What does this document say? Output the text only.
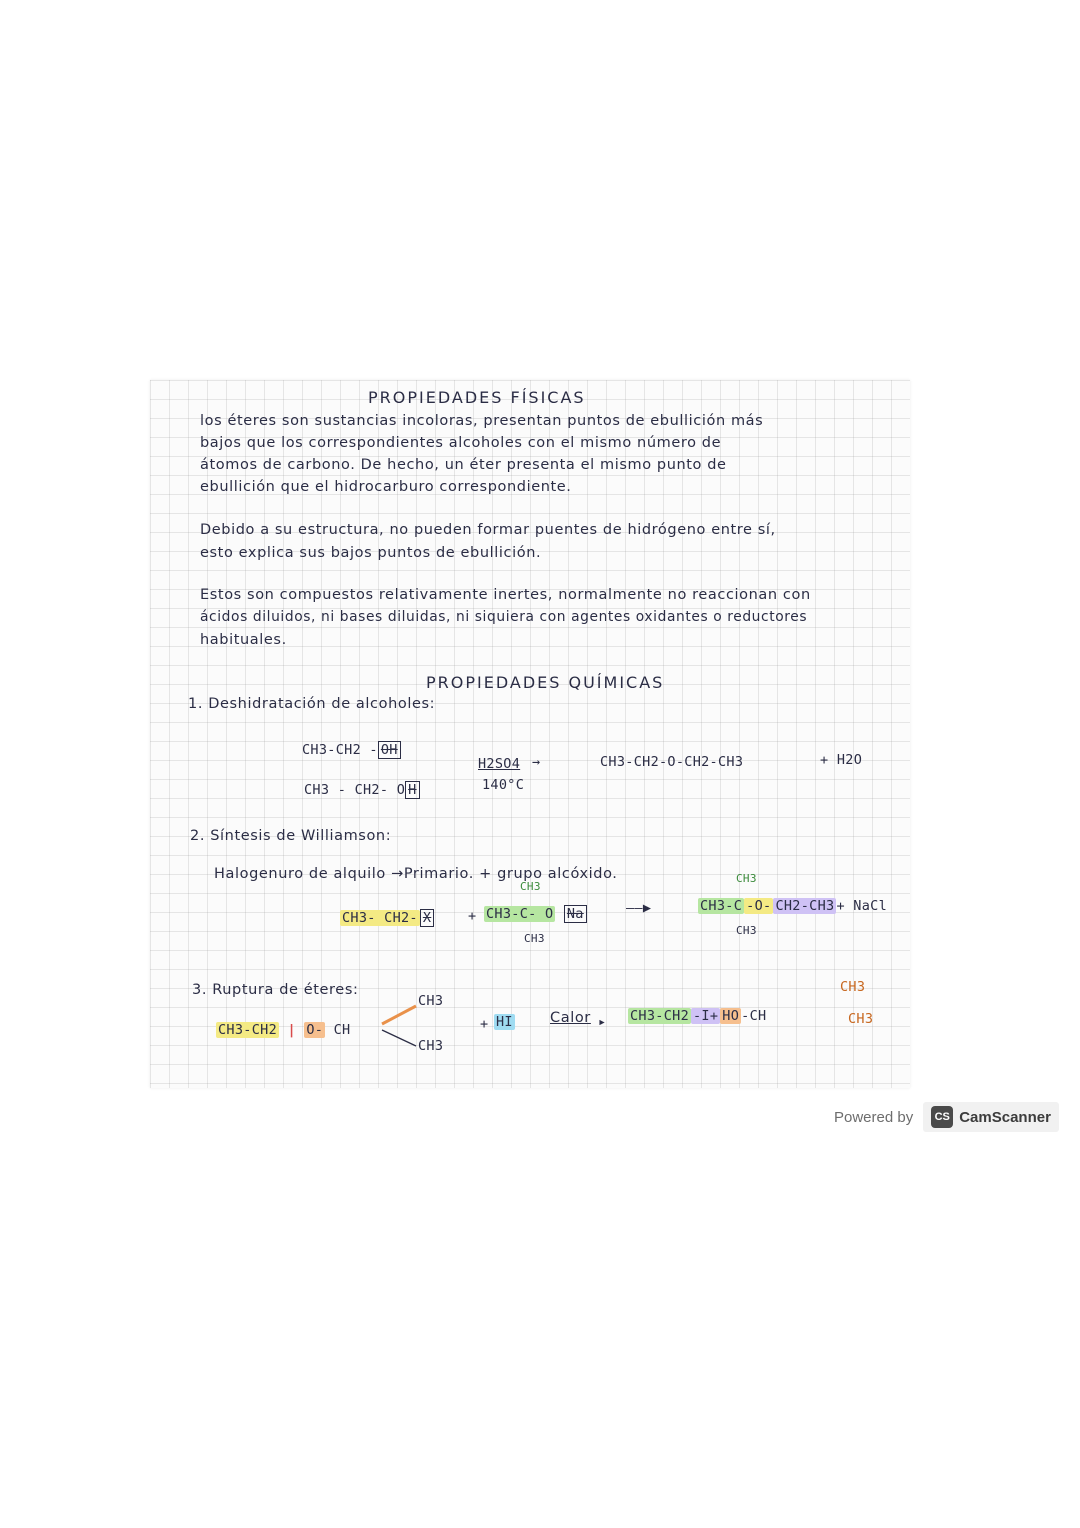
PROPIEDADES FÍSICAS
los éteres son sustancias incoloras, presentan puntos de ebullición más
bajos que los correspondientes alcoholes con el mismo número de
átomos de carbono. De hecho, un éter presenta el mismo punto de
ebullición que el hidrocarburo correspondiente.
Debido a su estructura, no pueden formar puentes de hidrógeno entre sí,
esto explica sus bajos puntos de ebullición.
Estos son compuestos relativamente inertes, normalmente no reaccionan con
ácidos diluidos, ni bases diluidas, ni siquiera con agentes oxidantes o reductores
habituales.
PROPIEDADES QUÍMICAS
1. Deshidratación de alcoholes:
CH3-CH2 - OH
CH3 - CH2- O H
H2SO4 →
140°C
CH3-CH2-O-CH2-CH3	+ H2O
2. Síntesis de Williamson:
Halogenuro de alquilo →Primario. + grupo alcóxido.
CH3- CH2- X	+
CH3
CH3-C- O Na
CH3
——▶
CH3
CH3-C -O- CH2-CH3 + NaCl
CH3
3. Ruptura de éteres:
CH3-CH2 | O- CH
CH3
CH3
+ HI	Calor ▸ CH3-CH2 -I+ HO -CH
CH3
CH3
Powered by	CS CamScanner
